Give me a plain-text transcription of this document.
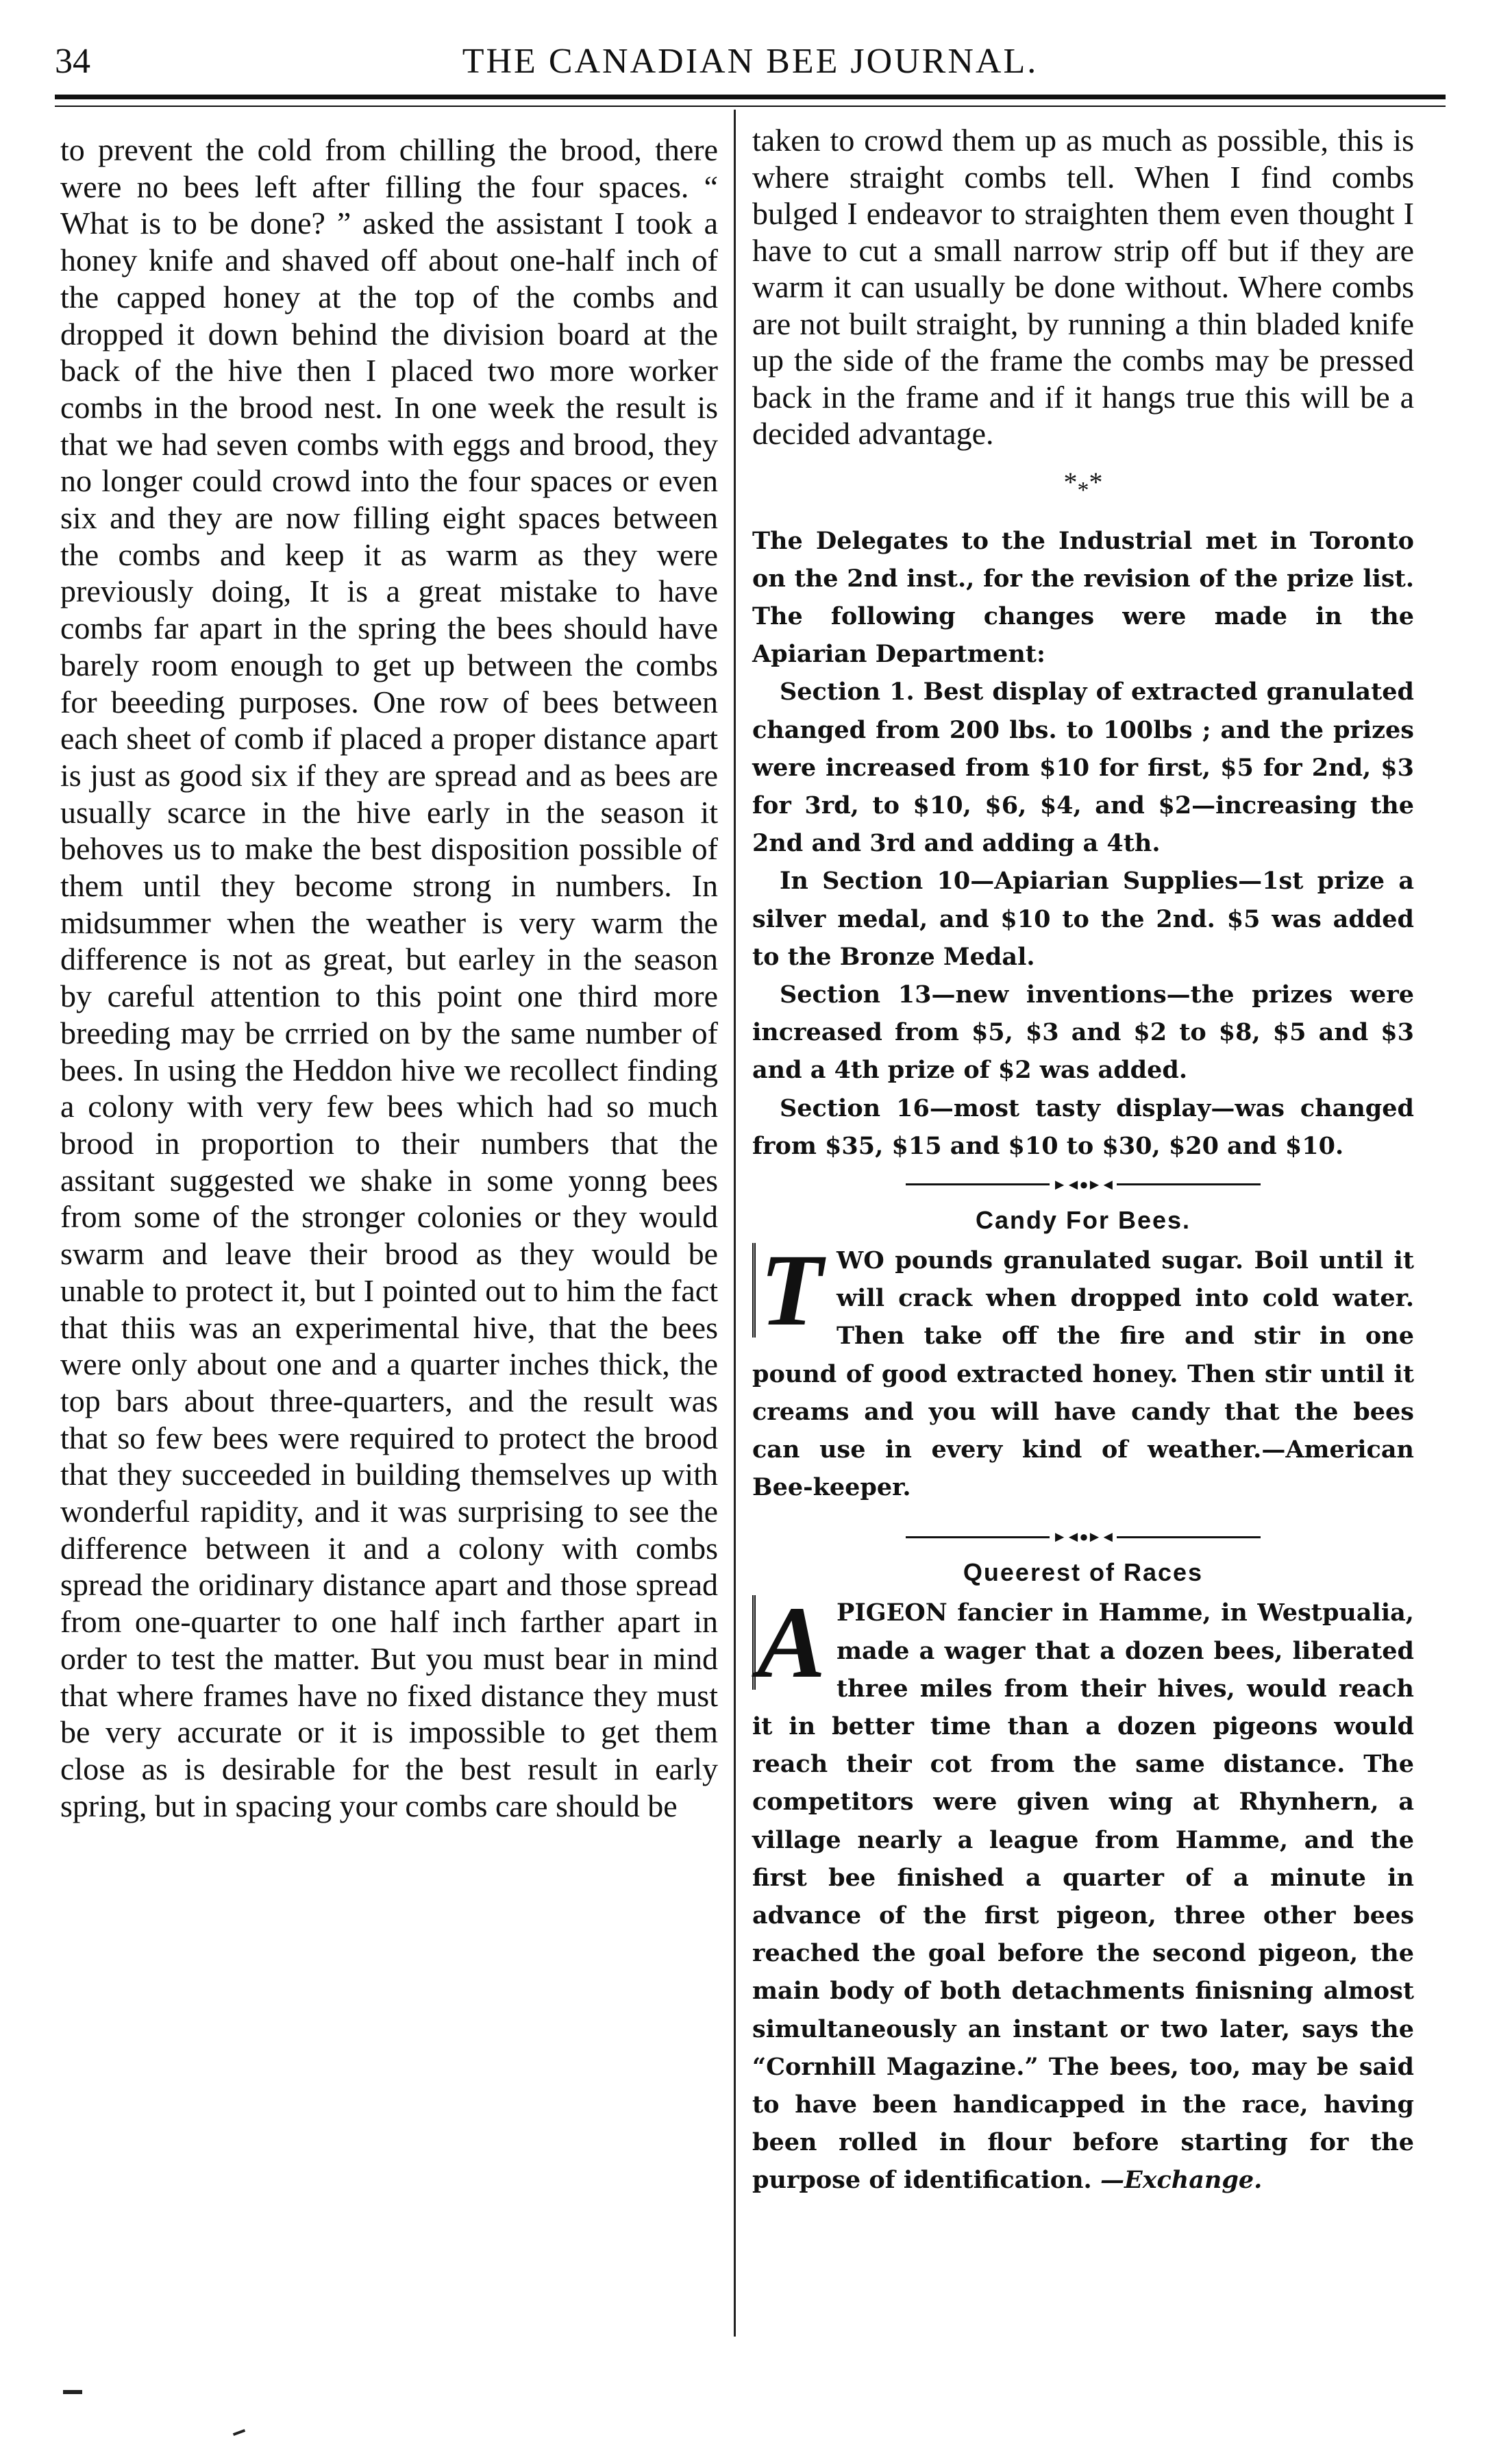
34	THE CANADIAN BEE JOURNAL.

to prevent the cold from chilling the brood, there were no bees left after filling the four spaces. “ What is to be done? ” asked the assistant I took a honey knife and shaved off about one-half inch of the capped honey at the top of the combs and dropped it down behind the division board at the back of the hive then I placed two more worker combs in the brood nest. In one week the result is that we had seven combs with eggs and brood, they no longer could crowd into the four spaces or even six and they are now filling eight spaces between the combs and keep it as warm as they were previously doing, It is a great mistake to have combs far apart in the spring the bees should have barely room enough to get up between the combs for beeeding purposes. One row of bees between each sheet of comb if placed a proper distance apart is just as good six if they are spread and as bees are usually scarce in the hive early in the season it behoves us to make the best disposition possible of them until they become strong in numbers. In midsummer when the weather is very warm the difference is not as great, but earley in the season by careful attention to this point one third more breeding may be crrried on by the same number of bees. In using the Heddon hive we recollect finding a colony with very few bees which had so much brood in proportion to their numbers that the assitant suggested we shake in some yonng bees from some of the stronger colonies or they would swarm and leave their brood as they would be unable to protect it, but I pointed out to him the fact that thiis was an experimental hive, that the bees were only about one and a quarter inches thick, the top bars about three-quarters, and the result was that so few bees were required to protect the brood that they succeeded in building themselves up with wonderful rapidity, and it was surprising to see the difference between it and a colony with combs spread the oridinary distance apart and those spread from one-quarter to one half inch farther apart in order to test the matter. But you must bear in mind that where frames have no fixed distance they must be very accurate or it is impossible to get them close as is desirable for the best result in early spring, but in spacing your combs care should be

taken to crowd them up as much as possible, this is where straight combs tell. When I find combs bulged I endeavor to straighten them even thought I have to cut a small narrow strip off but if they are warm it can usually be done without. Where combs are not built straight, by running a thin bladed knife up the side of the frame the combs may be pressed back in the frame and if it hangs true this will be a decided advantage.

$*_**$

The Delegates to the Industrial met in Toronto on the 2nd inst., for the revision of the prize list. The following changes were made in the Apiarian Department:

Section 1. Best display of extracted granulated changed from 200 lbs. to 100lbs ; and the prizes were increased from $10 for first, $5 for 2nd, $3 for 3rd, to $10, $6, $4, and $2—increasing the 2nd and 3rd and adding a 4th.

In Section 10—Apiarian Supplies—1st prize a silver medal, and $10 to the 2nd. $5 was added to the Bronze Medal.

Section 13—new inventions—the prizes were increased from $5, $3 and $2 to $8, $5 and $3 and a 4th prize of $2 was added.

Section 16—most tasty display—was changed from $35, $15 and $10 to $30, $20 and $10.

►◄●►◄
Candy For Bees.
T WO pounds granulated sugar. Boil until it will crack when dropped into cold water. Then take off the fire and stir in one pound of good extracted honey. Then stir until it creams and you will have candy that the bees can use in every kind of weather.—American Bee-keeper.

►◄●►◄
Queerest of Races
A PIGEON fancier in Hamme, in Westpualia, made a wager that a dozen bees, liberated three miles from their hives, would reach it in better time than a dozen pigeons would reach their cot from the same distance. The competitors were given wing at Rhynhern, a village nearly a league from Hamme, and the first bee finished a quarter of a minute in advance of the first pigeon, three other bees reached the goal before the second pigeon, the main body of both detachments finisning almost simultaneously an instant or two later, says the “Cornhill Magazine.” The bees, too, may be said to have been handicapped in the race, having been rolled in flour before starting for the purpose of identification. —Exchange.
